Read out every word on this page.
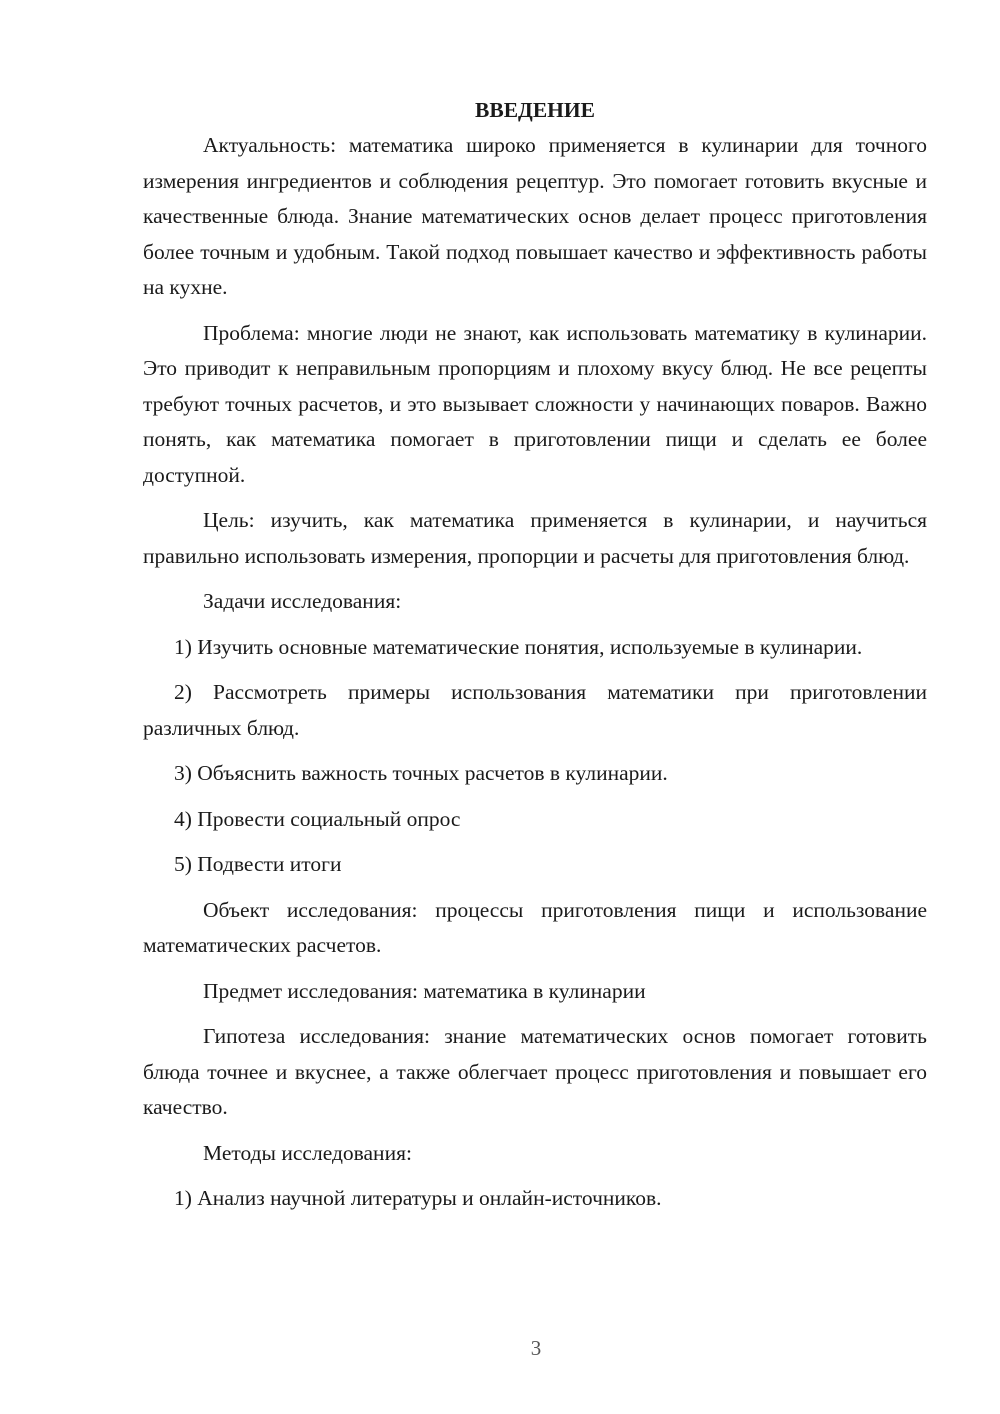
ВВЕДЕНИЕ

Актуальность: математика широко применяется в кулинарии для точного измерения ингредиентов и соблюдения рецептур. Это помогает готовить вкусные и качественные блюда. Знание математических основ делает процесс приготовления более точным и удобным. Такой подход повышает качество и эффективность работы на кухне.

Проблема: многие люди не знают, как использовать математику в кулинарии. Это приводит к неправильным пропорциям и плохому вкусу блюд. Не все рецепты требуют точных расчетов, и это вызывает сложности у начинающих поваров. Важно понять, как математика помогает в приготовлении пищи и сделать ее более доступной.

Цель: изучить, как математика применяется в кулинарии, и научиться правильно использовать измерения, пропорции и расчеты для приготовления блюд.

Задачи исследования:

1) Изучить основные математические понятия, используемые в кулинарии.

2) Рассмотреть примеры использования математики при приготовлении различных блюд.

3) Объяснить важность точных расчетов в кулинарии.

4) Провести социальный опрос

5) Подвести итоги

Объект исследования: процессы приготовления пищи и использование математических расчетов.

Предмет исследования: математика в кулинарии

Гипотеза исследования: знание математических основ помогает готовить блюда точнее и вкуснее, а также облегчает процесс приготовления и повышает его качество.

Методы исследования:

1) Анализ научной литературы и онлайн-источников.

3
